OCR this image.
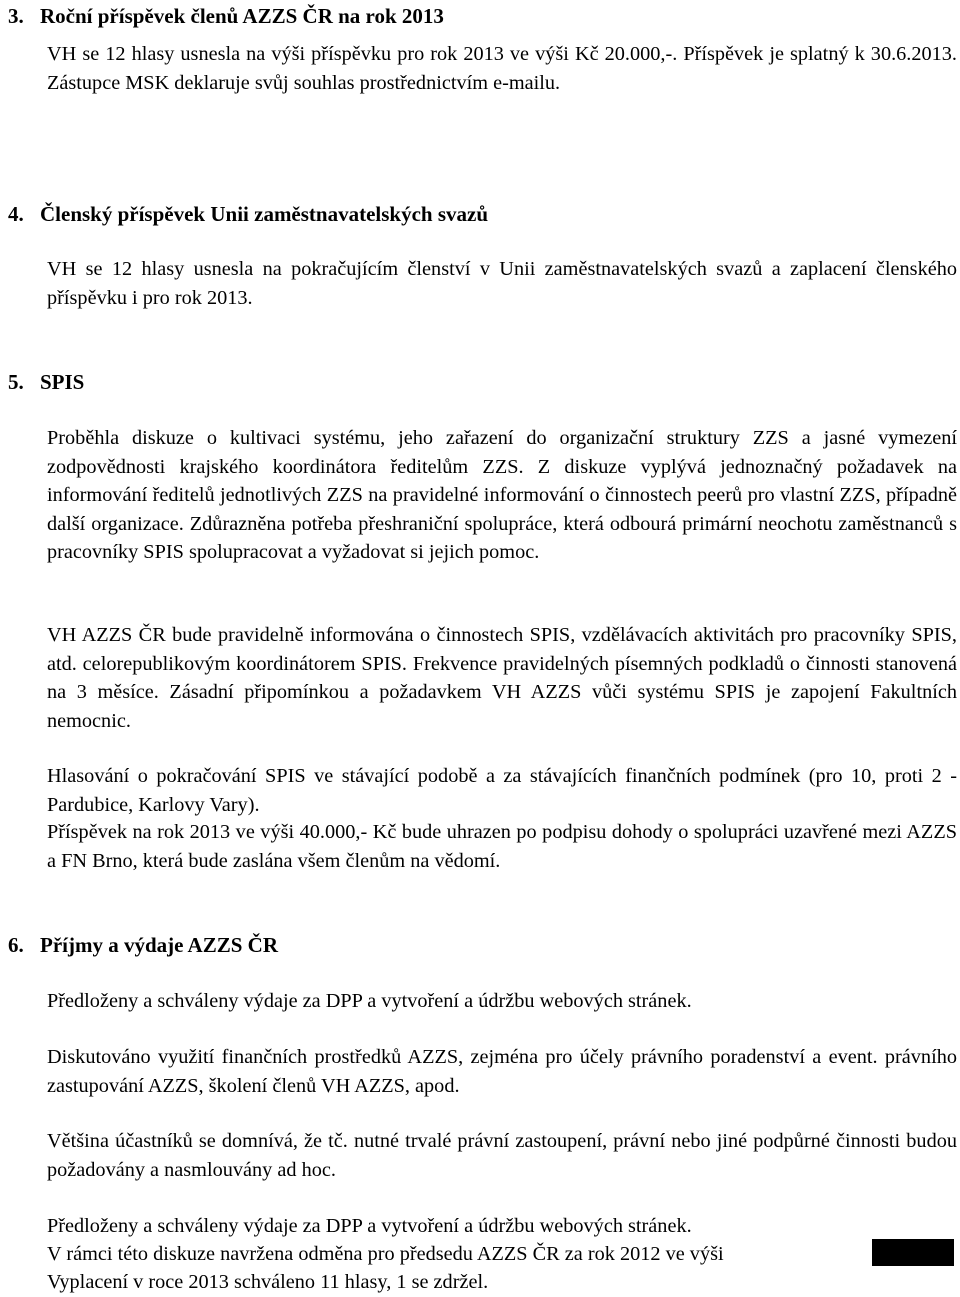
3. Roční příspěvek členů AZZS ČR na rok 2013
VH se 12 hlasy usnesla na výši příspěvku pro rok 2013 ve výši Kč 20.000,-. Příspěvek je splatný k 30.6.2013. Zástupce MSK deklaruje svůj souhlas prostřednictvím e-mailu.
4. Členský příspěvek Unii zaměstnavatelských svazů
VH se 12 hlasy usnesla na pokračujícím členství v Unii zaměstnavatelských svazů a zaplacení členského příspěvku i pro rok 2013.
5. SPIS
Proběhla diskuze o kultivaci systému, jeho zařazení do organizační struktury ZZS a jasné vymezení zodpovědnosti krajského koordinátora ředitelům ZZS. Z diskuze vyplývá jednoznačný požadavek na informování ředitelů jednotlivých ZZS na pravidelné informování o činnostech peerů pro vlastní ZZS, případně další organizace. Zdůrazněna potřeba přeshraniční spolupráce, která odbourá primární neochotu zaměstnanců s pracovníky SPIS spolupracovat a vyžadovat si jejich pomoc.
VH AZZS ČR bude pravidelně informována o činnostech SPIS, vzdělávacích aktivitách pro pracovníky SPIS, atd. celorepublikovým koordinátorem SPIS. Frekvence pravidelných písemných podkladů o činnosti stanovená na 3 měsíce. Zásadní připomínkou a požadavkem VH AZZS vůči systému SPIS je zapojení Fakultních nemocnic.
Hlasování o pokračování SPIS ve stávající podobě a za stávajících finančních podmínek (pro 10, proti 2 - Pardubice, Karlovy Vary).
Příspěvek na rok 2013 ve výši 40.000,- Kč bude uhrazen po podpisu dohody o spolupráci uzavřené mezi AZZS a FN Brno, která bude zaslána všem členům na vědomí.
6. Příjmy a výdaje AZZS ČR
Předloženy a schváleny výdaje za DPP a vytvoření a údržbu webových stránek.
Diskutováno využití finančních prostředků AZZS, zejména pro účely právního poradenství a event. právního zastupování AZZS, školení členů VH AZZS, apod.
Většina účastníků se domnívá, že tč. nutné trvalé právní zastoupení, právní nebo jiné podpůrné činnosti budou požadovány a nasmlouvány ad hoc.
Předloženy a schváleny výdaje za DPP a vytvoření a údržbu webových stránek.
V rámci této diskuze navržena odměna pro předsedu AZZS ČR za rok 2012 ve výši
Vyplacení v roce 2013 schváleno 11 hlasy, 1 se zdržel.
